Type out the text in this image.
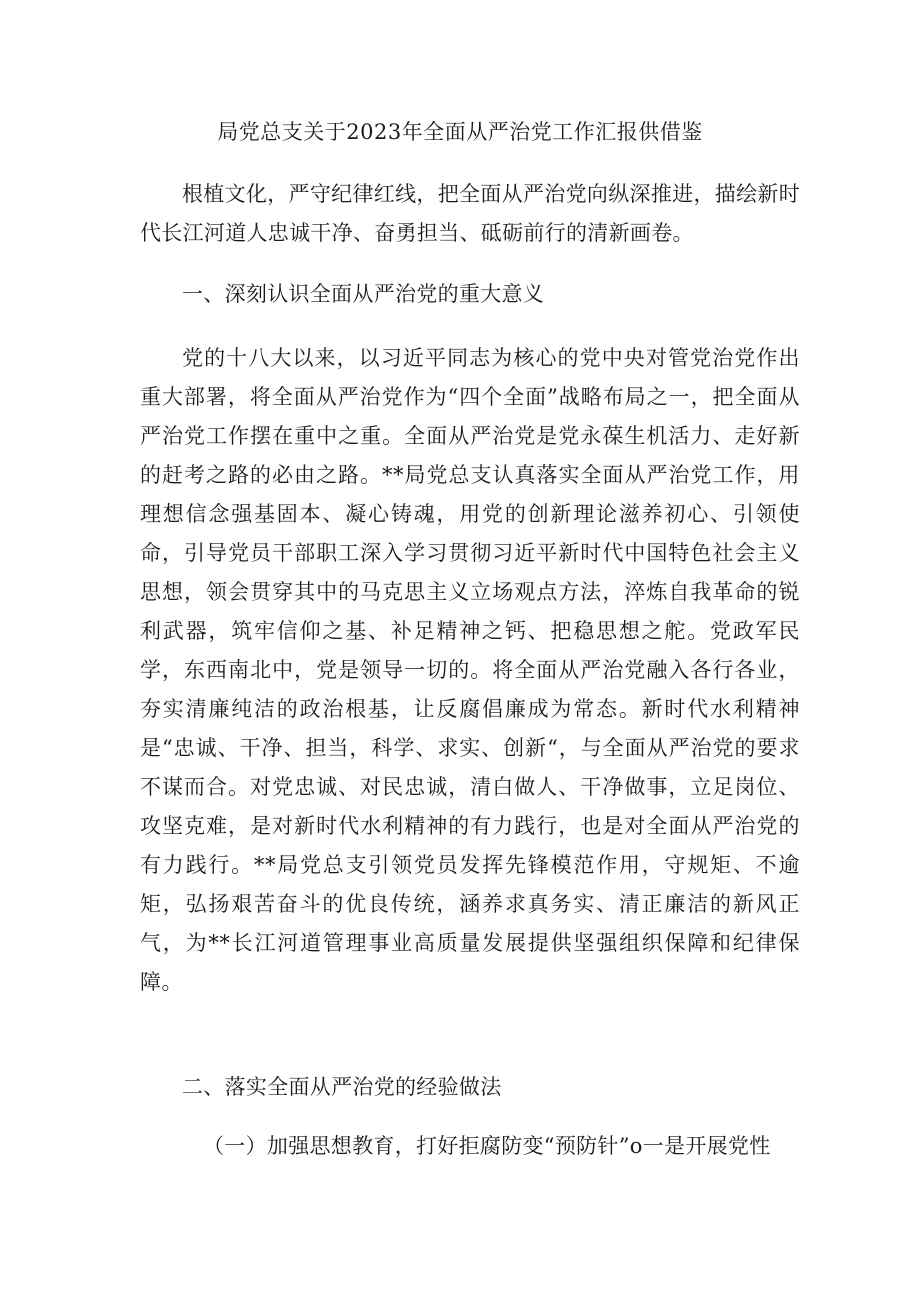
局党总支关于2023年全面从严治党工作汇报供借鉴

根植文化，严守纪律红线，把全面从严治党向纵深推进，描绘新时代长江河道人忠诚干净、奋勇担当、砥砺前行的清新画卷。

一、深刻认识全面从严治党的重大意义

党的十八大以来，以习近平同志为核心的党中央对管党治党作出重大部署，将全面从严治党作为“四个全面”战略布局之一，把全面从严治党工作摆在重中之重。全面从严治党是党永葆生机活力、走好新的赶考之路的必由之路。**局党总支认真落实全面从严治党工作，用理想信念强基固本、凝心铸魂，用党的创新理论滋养初心、引领使命，引导党员干部职工深入学习贯彻习近平新时代中国特色社会主义思想，领会贯穿其中的马克思主义立场观点方法，淬炼自我革命的锐利武器，筑牢信仰之基、补足精神之钙、把稳思想之舵。党政军民学，东西南北中，党是领导一切的。将全面从严治党融入各行各业，夯实清廉纯洁的政治根基，让反腐倡廉成为常态。新时代水利精神是“忠诚、干净、担当，科学、求实、创新“，与全面从严治党的要求不谋而合。对党忠诚、对民忠诚，清白做人、干净做事，立足岗位、攻坚克难，是对新时代水利精神的有力践行，也是对全面从严治党的有力践行。**局党总支引领党员发挥先锋模范作用，守规矩、不逾矩，弘扬艰苦奋斗的优良传统，涵养求真务实、清正廉洁的新风正气，为**长江河道管理事业高质量发展提供坚强组织保障和纪律保障。

二、落实全面从严治党的经验做法

（一）加强思想教育，打好拒腐防变“预防针”o一是开展党性
